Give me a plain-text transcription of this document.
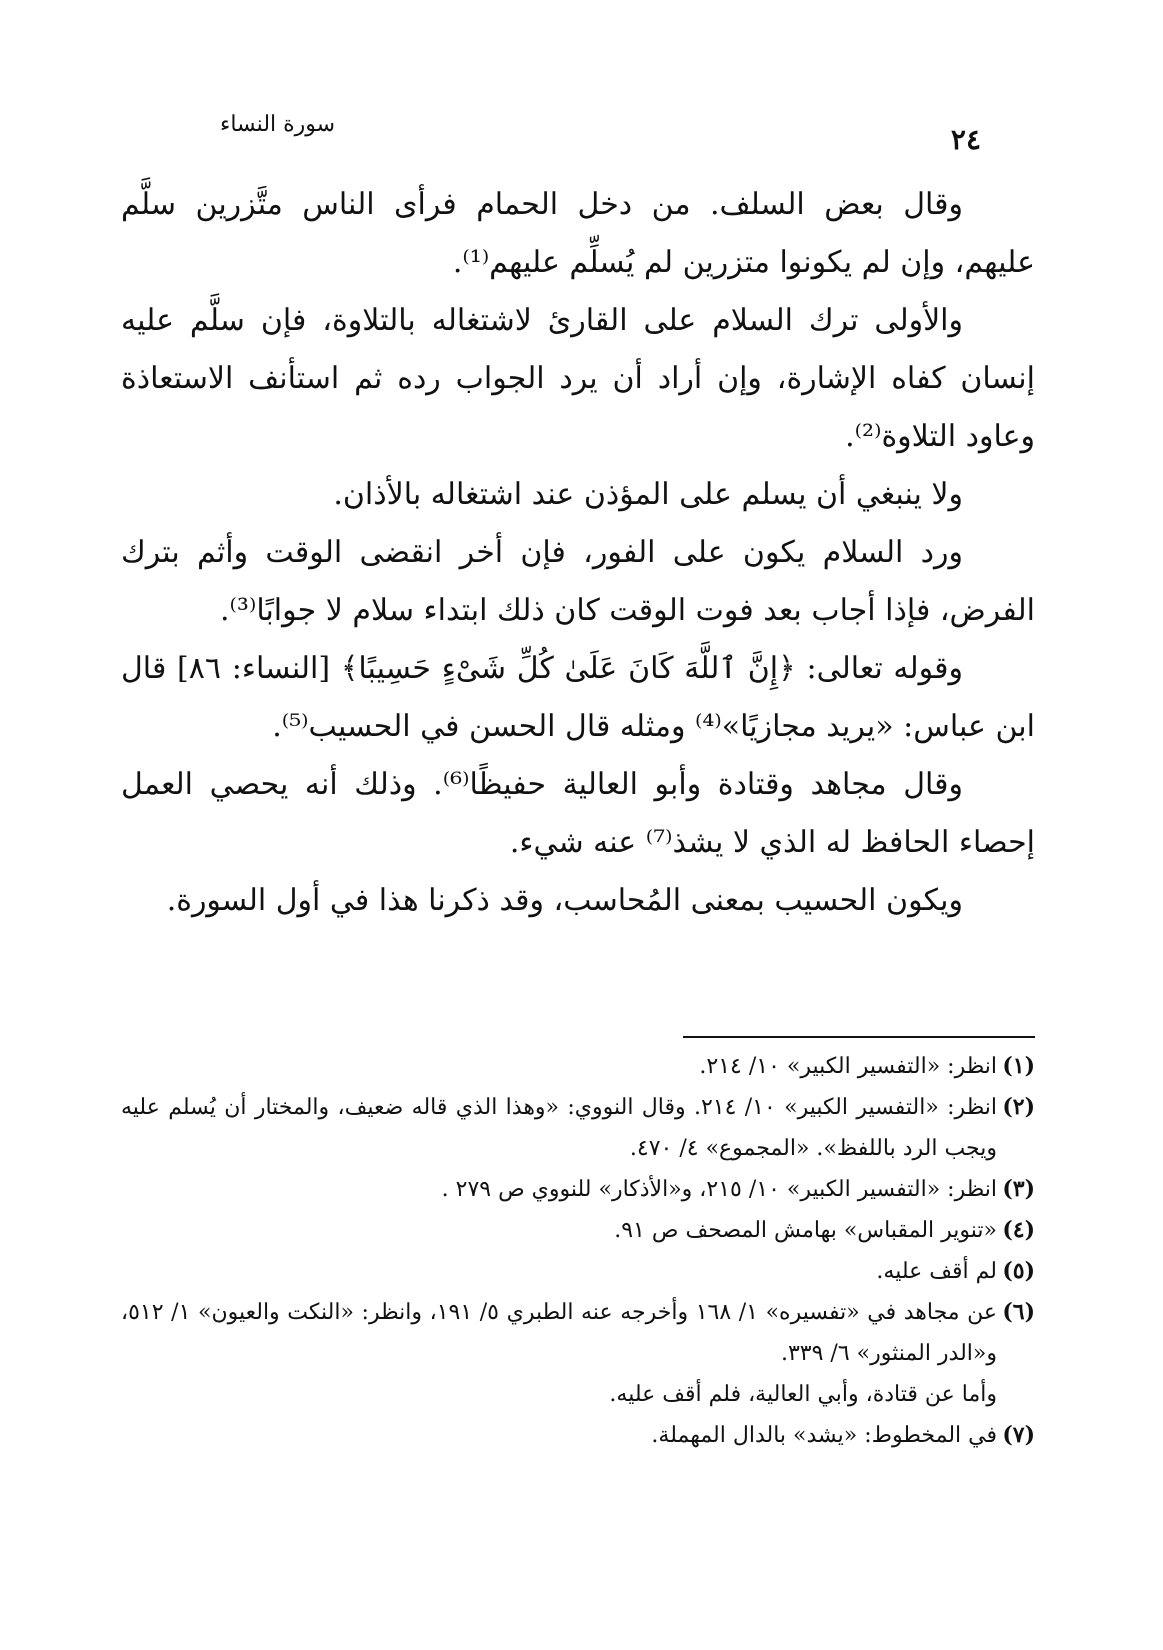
٢٤
سورة النساء

وقال بعض السلف. من دخل الحمام فرأى الناس متَّزرين سلَّم عليهم، وإن لم يكونوا متزرين لم يُسلِّم عليهم⁽¹⁾.

والأولى ترك السلام على القارئ لاشتغاله بالتلاوة، فإن سلَّم عليه إنسان كفاه الإشارة، وإن أراد أن يرد الجواب رده ثم استأنف الاستعاذة وعاود التلاوة⁽²⁾.

ولا ينبغي أن يسلم على المؤذن عند اشتغاله بالأذان.

ورد السلام يكون على الفور، فإن أخر انقضى الوقت وأثم بترك الفرض، فإذا أجاب بعد فوت الوقت كان ذلك ابتداء سلام لا جوابًا⁽³⁾.

وقوله تعالى: ﴿إِنَّ ٱللَّهَ كَانَ عَلَىٰ كُلِّ شَىْءٍ حَسِيبًا﴾ [النساء: ٨٦] قال ابن عباس: «يريد مجازيًا»⁽⁴⁾ ومثله قال الحسن في الحسيب⁽⁵⁾.

وقال مجاهد وقتادة وأبو العالية حفيظًا⁽⁶⁾. وذلك أنه يحصي العمل إحصاء الحافظ له الذي لا يشذ⁽⁷⁾ عنه شيء.

ويكون الحسيب بمعنى المُحاسب، وقد ذكرنا هذا في أول السورة.

(١)
انظر: «التفسير الكبير» ١٠/ ٢١٤.
(٢)
انظر: «التفسير الكبير» ١٠/ ٢١٤. وقال النووي: «وهذا الذي قاله ضعيف، والمختار أن يُسلم عليه ويجب الرد باللفظ». «المجموع» ٤/ ٤٧٠.
(٣)
انظر: «التفسير الكبير» ١٠/ ٢١٥، و«الأذكار» للنووي ص ٢٧٩ .
(٤)
«تنوير المقباس» بهامش المصحف ص ٩١.
(٥)
لم أقف عليه.
(٦)
عن مجاهد في «تفسيره» ١/ ١٦٨ وأخرجه عنه الطبري ٥/ ١٩١، وانظر: «النكت والعيون» ١/ ٥١٢، و«الدر المنثور» ٦/ ٣٣٩.
وأما عن قتادة، وأبي العالية، فلم أقف عليه.
(٧)
في المخطوط: «يشد» بالدال المهملة.
